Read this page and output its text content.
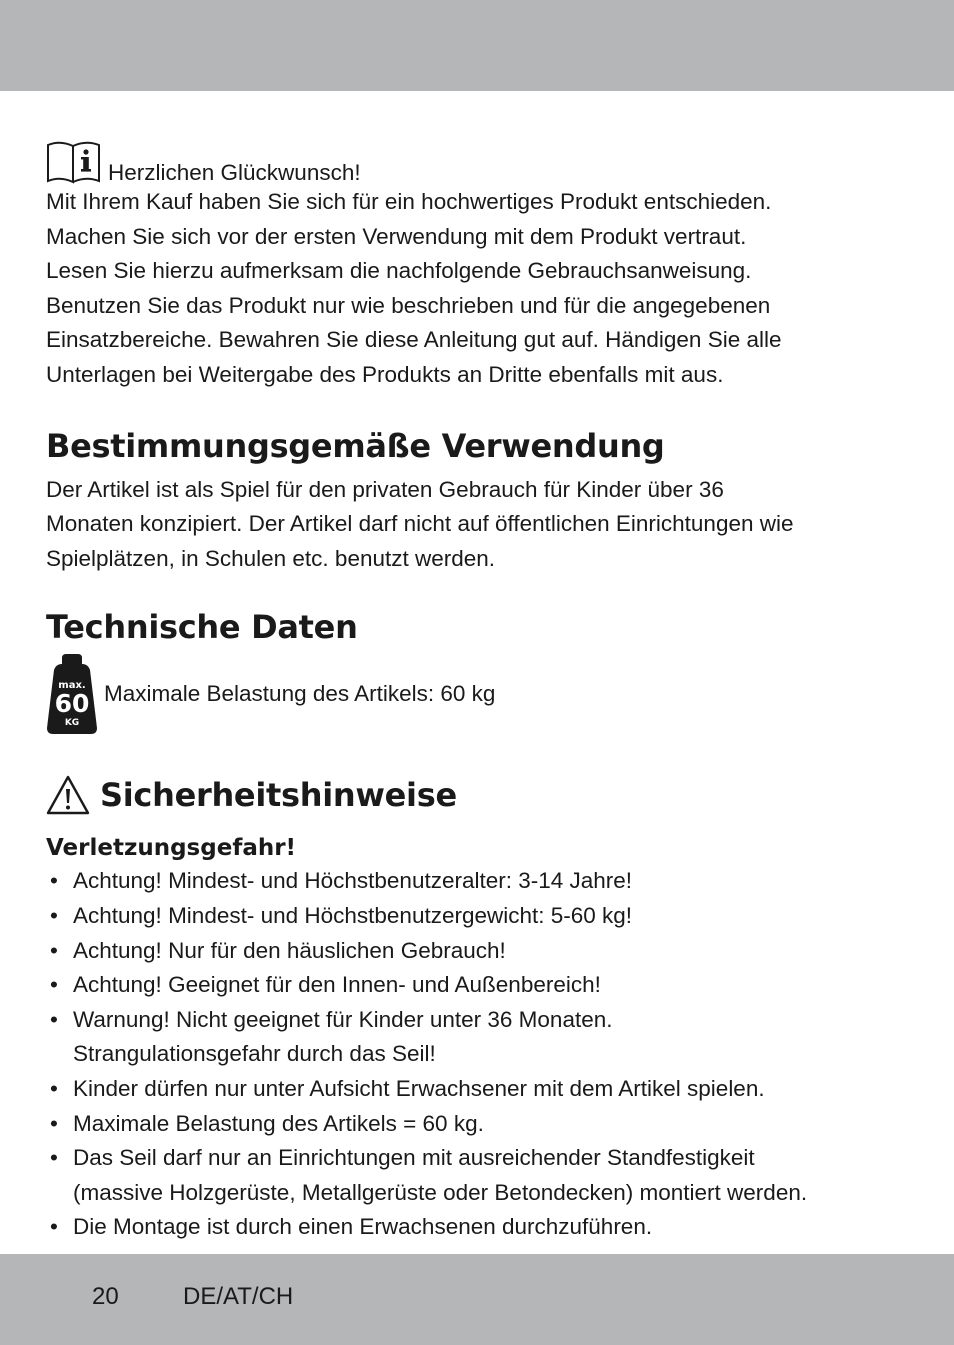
Herzlichen Glückwunsch!

Mit Ihrem Kauf haben Sie sich für ein hochwertiges Produkt entschieden.
Machen Sie sich vor der ersten Verwendung mit dem Produkt vertraut.
Lesen Sie hierzu aufmerksam die nachfolgende Gebrauchsanweisung.
Benutzen Sie das Produkt nur wie beschrieben und für die angegebenen
Einsatzbereiche. Bewahren Sie diese Anleitung gut auf. Händigen Sie alle
Unterlagen bei Weitergabe des Produkts an Dritte ebenfalls mit aus.

Bestimmungsgemäße Verwendung

Der Artikel ist als Spiel für den privaten Gebrauch für Kinder über 36
Monaten konzipiert. Der Artikel darf nicht auf öffentlichen Einrichtungen wie
Spielplätzen, in Schulen etc. benutzt werden.

Technische Daten
max.
60
KG
Maximale Belastung des Artikels: 60 kg
Sicherheitshinweise
Verletzungsgefahr!
• Achtung! Mindest- und Höchstbenutzeralter: 3-14 Jahre!
• Achtung! Mindest- und Höchstbenutzergewicht: 5-60 kg!
• Achtung! Nur für den häuslichen Gebrauch!
• Achtung! Geeignet für den Innen- und Außenbereich!
• Warnung! Nicht geeignet für Kinder unter 36 Monaten.
Strangulationsgefahr durch das Seil!
• Kinder dürfen nur unter Aufsicht Erwachsener mit dem Artikel spielen.
• Maximale Belastung des Artikels = 60 kg.
• Das Seil darf nur an Einrichtungen mit ausreichender Standfestigkeit
(massive Holzgerüste, Metallgerüste oder Betondecken) montiert werden.
• Die Montage ist durch einen Erwachsenen durchzuführen.
20	DE/AT/CH
